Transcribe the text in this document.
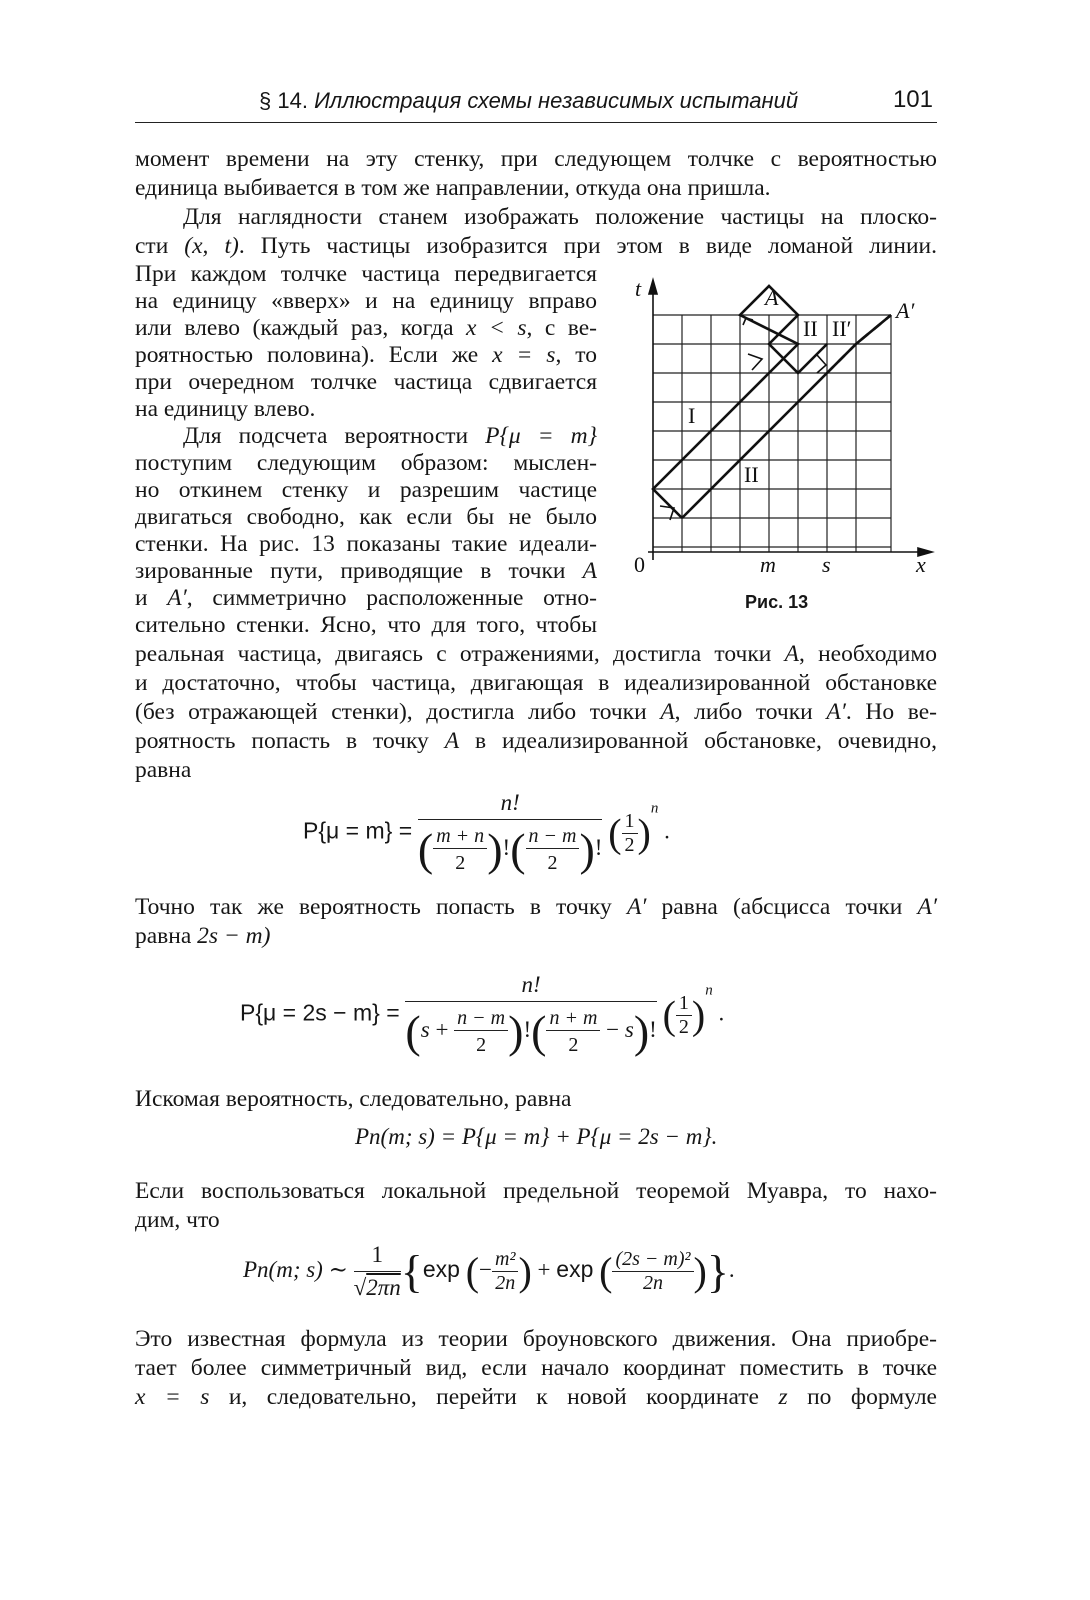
§ 14. Иллюстрация схемы независимых испытаний	101
момент времени на эту стенку, при следующем толчке с вероятностью
единица выбивается в том же направлении, откуда она пришла.
Для наглядности станем изображать положение частицы на плоско-
сти (x, t). Путь частицы изобразится при этом в виде ломаной линии.
При каждом толчке частица передвигается
на единицу «вверх» и на единицу вправо
или влево (каждый раз, когда x < s, с ве-
роятностью половина). Если же x = s, то
при очередном толчке частица сдвигается
на единицу влево.
Для подсчета вероятности P{μ = m}
поступим следующим образом: мыслен-
но откинем стенку и разрешим частице
двигаться свободно, как если бы не было
стенки. На рис. 13 показаны такие идеали-
зированные пути, приводящие в точки A
и A′, симметрично расположенные отно-
сительно стенки. Ясно, что для того, чтобы
t
0	x
m s
A
A′
I
II
II II′
Рис. 13
реальная частица, двигаясь с отражениями, достигла точки A, необходимо
и достаточно, чтобы частица, двигающая в идеализированной обстановке
(без отражающей стенки), достигла либо точки A, либо точки A′. Но ве-
роятность попасть в точку A в идеализированной обстановке, очевидно,
равна
$P\{\mu = m\} = \frac{n!}{( \frac{m + n}{2} )!( \frac{n - m}{2} )!}$ ( $\frac{1}{2} )^n$ .
Точно так же вероятность попасть в точку A′ равна (абсцисса точки A′
равна 2s − m)
$P\{\mu = 2s - m\} = \frac{n!}{(s + \frac{n - m}{2} )!( \frac{n + m}{2} - s)!}$ ( $\frac{1}{2} )^n$ .
Искомая вероятность, следовательно, равна
Pn(m; s) = P{μ = m} + P{μ = 2s − m}.
Если воспользоваться локальной предельной теоремой Муавра, то нахо-
дим, что
Pn(m; s) ∼ $\frac{1}{√2\pi n} \{\exp$ (− $\frac{\text{m²}}{2n}$ ) + exp ( $\frac{\text{(2s − m)²}}{2n}$ )}.
Это известная формула из теории броуновского движения. Она приобре-
тает более симметричный вид, если начало координат поместить в точке
x = s и, следовательно, перейти к новой координате z по формуле
